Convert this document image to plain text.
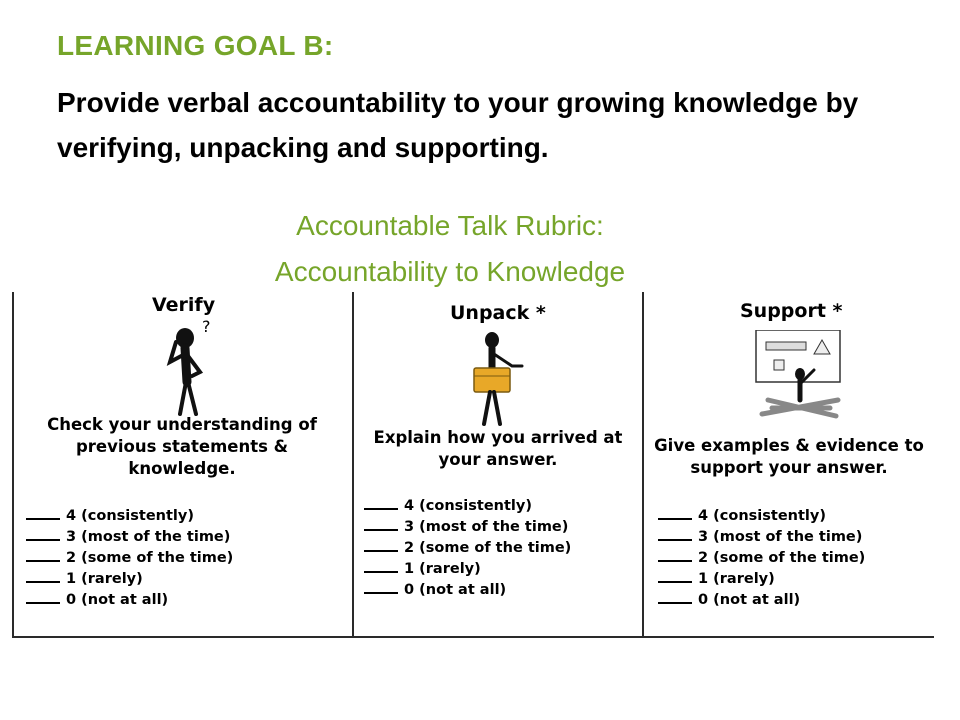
LEARNING GOAL B:
Provide verbal accountability to your growing knowledge by verifying, unpacking and supporting.
Accountable Talk Rubric:
Accountability to Knowledge
Verify
?
Check your understanding of previous statements & knowledge.
4 (consistently)
3 (most of the time)
2 (some of the time)
1 (rarely)
0 (not at all)
Unpack *
Explain how you arrived at your answer.
4 (consistently)
3 (most of the time)
2 (some of the time)
1 (rarely)
0 (not at all)
Support *
Give examples & evidence to support your answer.
4 (consistently)
3 (most of the time)
2 (some of the time)
1 (rarely)
0 (not at all)
